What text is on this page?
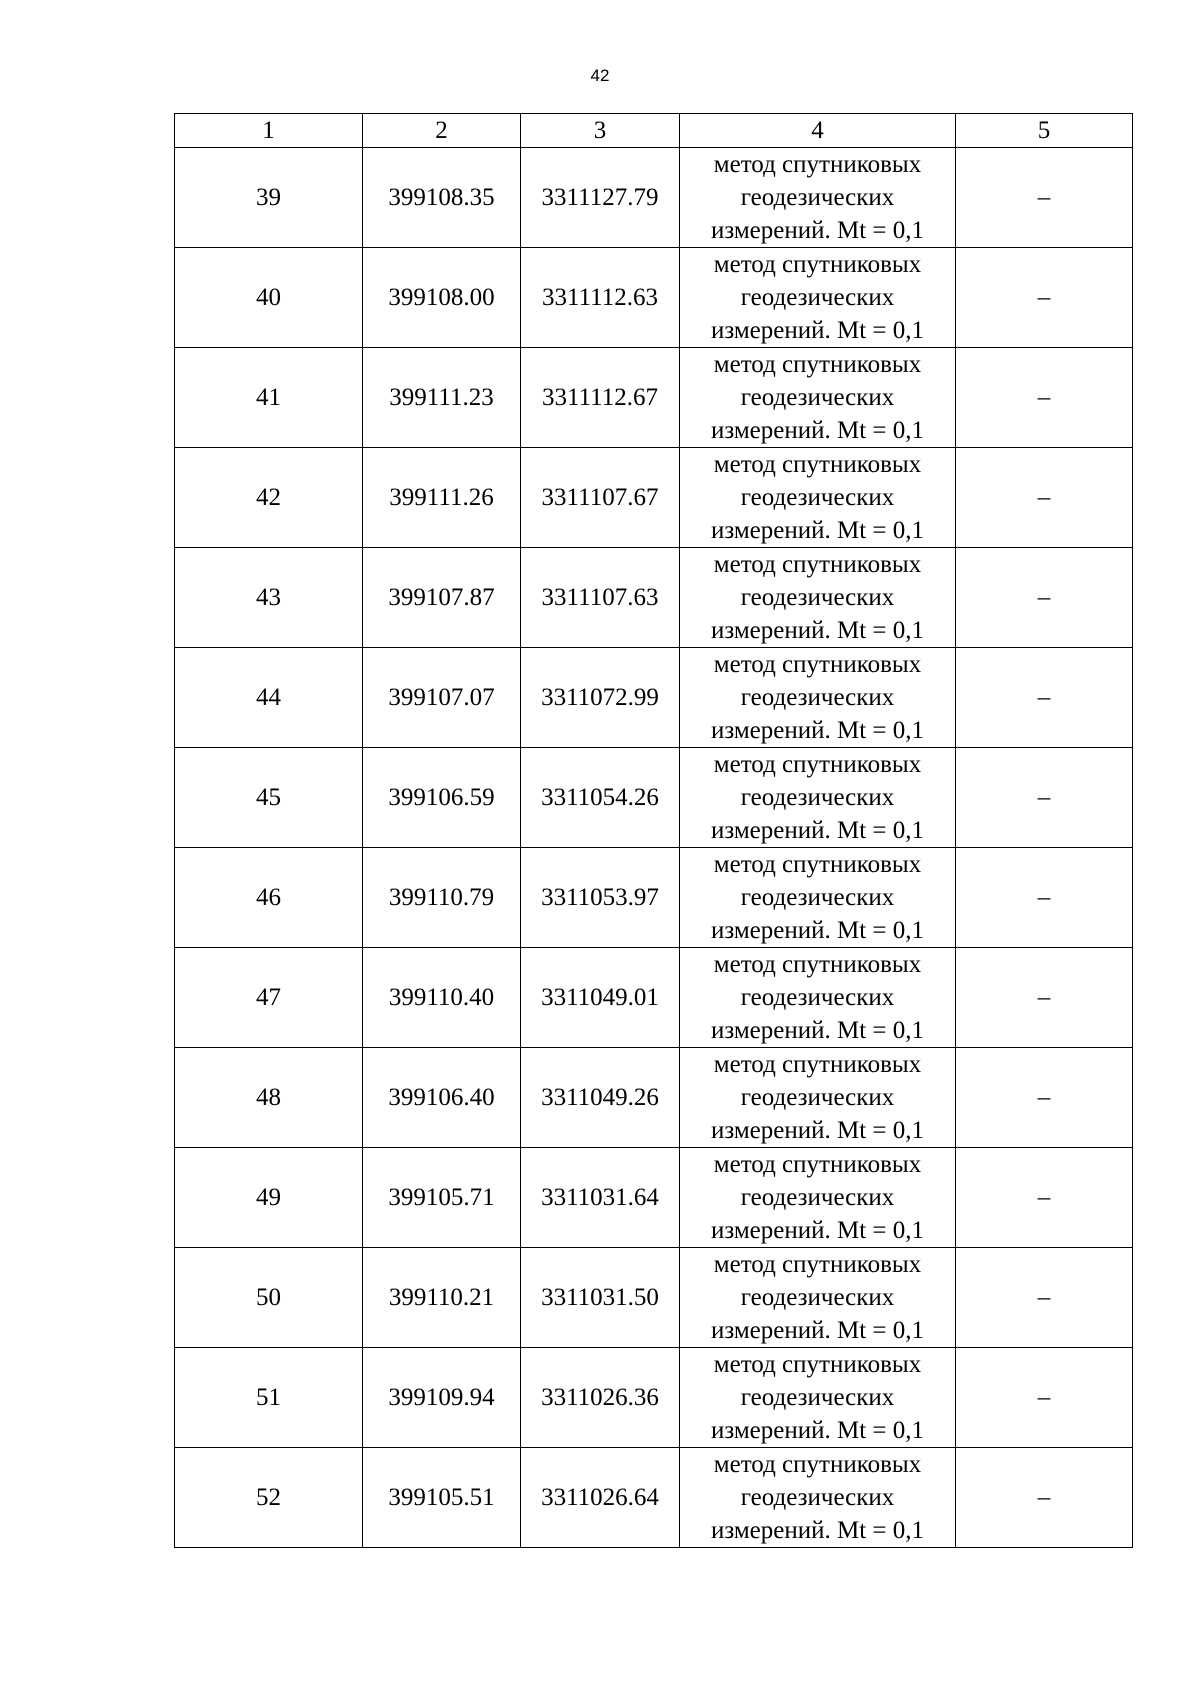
42
1	2	3	4	5
39	399108.35	3311127.79	метод спутниковых
геодезических
измерений. Mt = 0,1	–
40	399108.00	3311112.63	метод спутниковых
геодезических
измерений. Mt = 0,1	–
41	399111.23	3311112.67	метод спутниковых
геодезических
измерений. Mt = 0,1	–
42	399111.26	3311107.67	метод спутниковых
геодезических
измерений. Mt = 0,1	–
43	399107.87	3311107.63	метод спутниковых
геодезических
измерений. Mt = 0,1	–
44	399107.07	3311072.99	метод спутниковых
геодезических
измерений. Mt = 0,1	–
45	399106.59	3311054.26	метод спутниковых
геодезических
измерений. Mt = 0,1	–
46	399110.79	3311053.97	метод спутниковых
геодезических
измерений. Mt = 0,1	–
47	399110.40	3311049.01	метод спутниковых
геодезических
измерений. Mt = 0,1	–
48	399106.40	3311049.26	метод спутниковых
геодезических
измерений. Mt = 0,1	–
49	399105.71	3311031.64	метод спутниковых
геодезических
измерений. Mt = 0,1	–
50	399110.21	3311031.50	метод спутниковых
геодезических
измерений. Mt = 0,1	–
51	399109.94	3311026.36	метод спутниковых
геодезических
измерений. Mt = 0,1	–
52	399105.51	3311026.64	метод спутниковых
геодезических
измерений. Mt = 0,1	–
